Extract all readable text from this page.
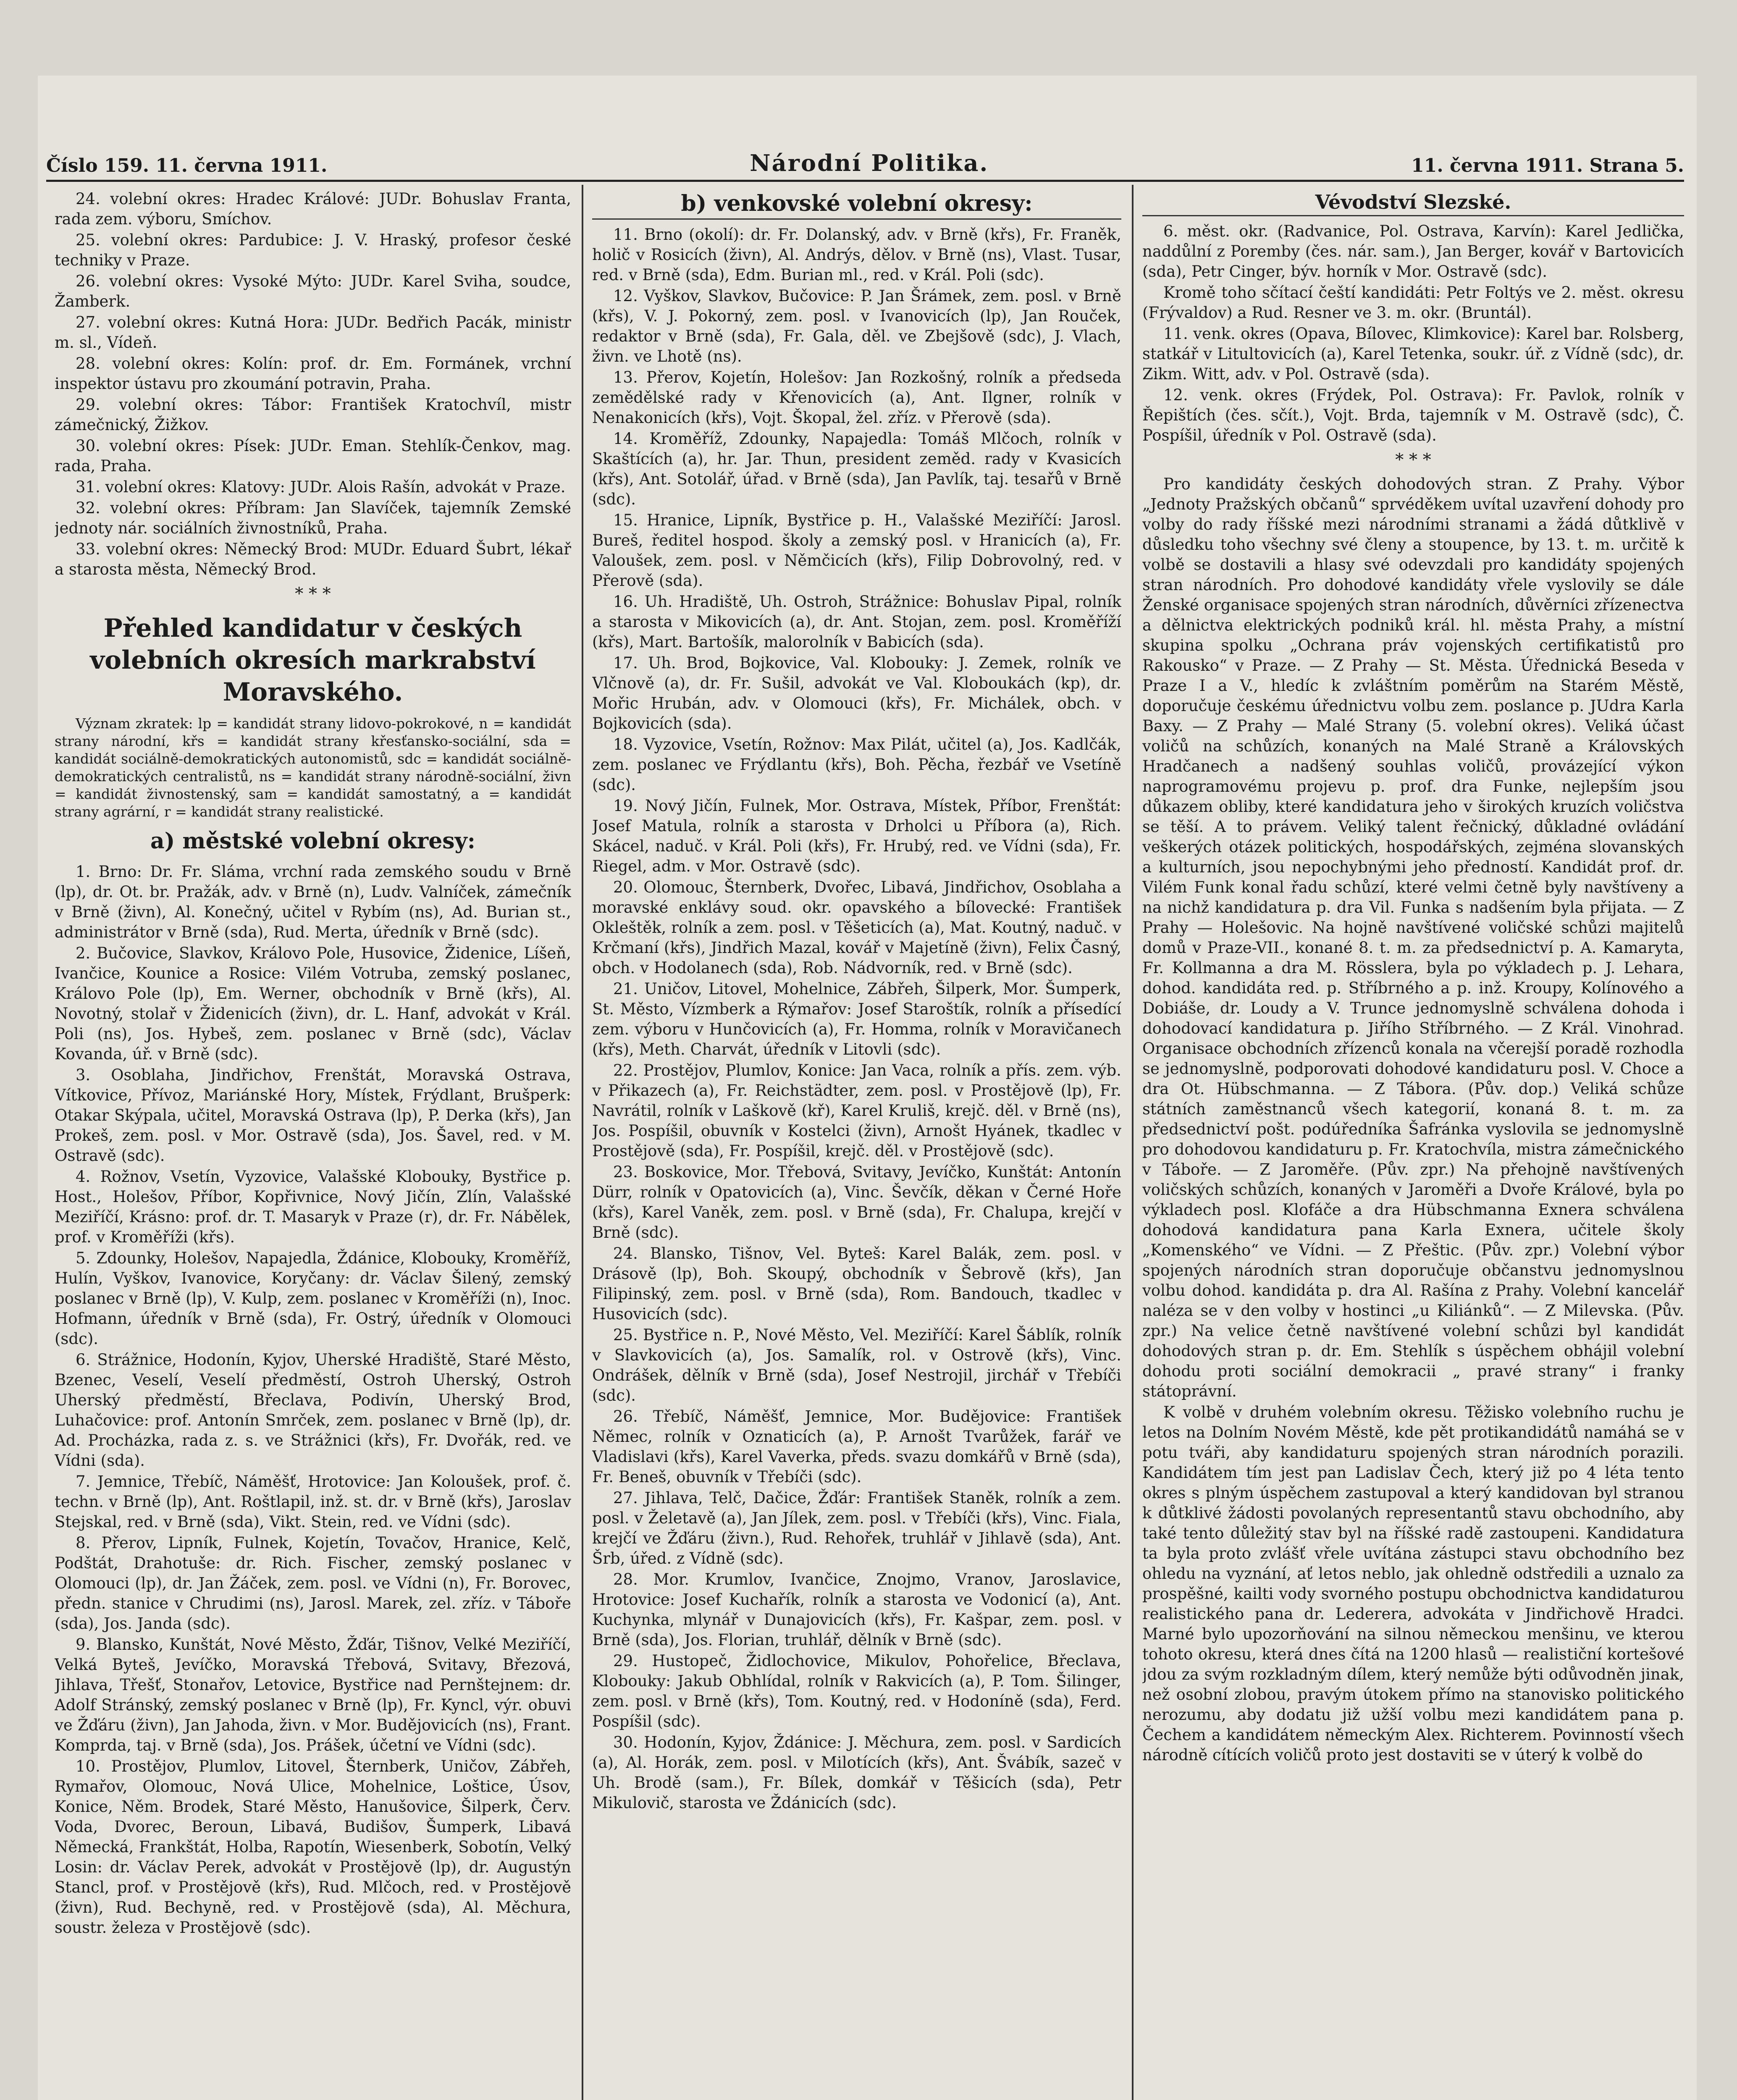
Číslo 159. 11. června 1911.	Národní Politika.	11. června 1911. Strana 5.

24. volební okres: Hradec Králové: JUDr. Bohuslav Franta, rada zem. výboru, Smíchov.

25. volební okres: Pardubice: J. V. Hraský, profesor české techniky v Praze.

26. volební okres: Vysoké Mýto: JUDr. Karel Sviha, soudce, Žamberk.

27. volební okres: Kutná Hora: JUDr. Bedřich Pacák, ministr m. sl., Vídeň.

28. volební okres: Kolín: prof. dr. Em. Formánek, vrchní inspektor ústavu pro zkoumání potravin, Praha.

29. volební okres: Tábor: František Kratochvíl, mistr zámečnický, Žižkov.

30. volební okres: Písek: JUDr. Eman. Stehlík-Čenkov, mag. rada, Praha.

31. volební okres: Klatovy: JUDr. Alois Rašín, advokát v Praze.

32. volební okres: Příbram: Jan Slavíček, tajemník Zemské jednoty nár. sociálních živnostníků, Praha.

33. volební okres: Německý Brod: MUDr. Eduard Šubrt, lékař a starosta města, Německý Brod.

* * *
Přehled kandidatur v českých volebních okresích markrabství Moravského.

Význam zkratek: lp = kandidát strany lidovo-pokrokové, n = kandidát strany národní, křs = kandidát strany křesťansko-sociální, sda = kandidát sociálně-demokratických autonomistů, sdc = kandidát sociálně-demokratických centralistů, ns = kandidát strany národně-sociální, živn = kandidát živnostenský, sam = kandidát samostatný, a = kandidát strany agrární, r = kandidát strany realistické.

a) městské volební okresy:

1. Brno: Dr. Fr. Sláma, vrchní rada zemského soudu v Brně (lp), dr. Ot. br. Pražák, adv. v Brně (n), Ludv. Valníček, zámečník v Brně (živn), Al. Konečný, učitel v Rybím (ns), Ad. Burian st., administrátor v Brně (sda), Rud. Merta, úředník v Brně (sdc).

2. Bučovice, Slavkov, Královo Pole, Husovice, Židenice, Líšeň, Ivančice, Kounice a Rosice: Vilém Votruba, zemský poslanec, Královo Pole (lp), Em. Werner, obchodník v Brně (křs), Al. Novotný, stolař v Židenicích (živn), dr. L. Hanf, advokát v Král. Poli (ns), Jos. Hybeš, zem. poslanec v Brně (sdc), Václav Kovanda, úř. v Brně (sdc).

3. Osoblaha, Jindřichov, Frenštát, Moravská Ostrava, Vítkovice, Přívoz, Mariánské Hory, Místek, Frýdlant, Brušperk: Otakar Skýpala, učitel, Moravská Ostrava (lp), P. Derka (křs), Jan Prokeš, zem. posl. v Mor. Ostravě (sda), Jos. Šavel, red. v M. Ostravě (sdc).

4. Rožnov, Vsetín, Vyzovice, Valašské Klobouky, Bystřice p. Host., Holešov, Příbor, Kopřivnice, Nový Jičín, Zlín, Valašské Meziříčí, Krásno: prof. dr. T. Masaryk v Praze (r), dr. Fr. Nábělek, prof. v Kroměříži (křs).

5. Zdounky, Holešov, Napajedla, Ždánice, Klobouky, Kroměříž, Hulín, Vyškov, Ivanovice, Koryčany: dr. Václav Šilený, zemský poslanec v Brně (lp), V. Kulp, zem. poslanec v Kroměříži (n), Inoc. Hofmann, úředník v Brně (sda), Fr. Ostrý, úředník v Olomouci (sdc).

6. Strážnice, Hodonín, Kyjov, Uherské Hradiště, Staré Město, Bzenec, Veselí, Veselí předměstí, Ostroh Uherský, Ostroh Uherský předměstí, Břeclava, Podivín, Uherský Brod, Luhačovice: prof. Antonín Smrček, zem. poslanec v Brně (lp), dr. Ad. Procházka, rada z. s. ve Strážnici (křs), Fr. Dvořák, red. ve Vídni (sda).

7. Jemnice, Třebíč, Náměšť, Hrotovice: Jan Koloušek, prof. č. techn. v Brně (lp), Ant. Roštlapil, inž. st. dr. v Brně (křs), Jaroslav Stejskal, red. v Brně (sda), Vikt. Stein, red. ve Vídni (sdc).

8. Přerov, Lipník, Fulnek, Kojetín, Tovačov, Hranice, Kelč, Podštát, Drahotuše: dr. Rich. Fischer, zemský poslanec v Olomouci (lp), dr. Jan Žáček, zem. posl. ve Vídni (n), Fr. Borovec, předn. stanice v Chrudimi (ns), Jarosl. Marek, zel. zříz. v Táboře (sda), Jos. Janda (sdc).

9. Blansko, Kunštát, Nové Město, Žďár, Tišnov, Velké Meziříčí, Velká Byteš, Jevíčko, Moravská Třebová, Svitavy, Březová, Jihlava, Třešť, Stonařov, Letovice, Bystřice nad Pernštejnem: dr. Adolf Stránský, zemský poslanec v Brně (lp), Fr. Kyncl, výr. obuvi ve Žďáru (živn), Jan Jahoda, živn. v Mor. Budějovicích (ns), Frant. Komprda, taj. v Brně (sda), Jos. Prášek, účetní ve Vídni (sdc).

10. Prostějov, Plumlov, Litovel, Šternberk, Uničov, Zábřeh, Rymařov, Olomouc, Nová Ulice, Mohelnice, Loštice, Úsov, Konice, Něm. Brodek, Staré Město, Hanušovice, Šilperk, Červ. Voda, Dvorec, Beroun, Libavá, Budišov, Šumperk, Libavá Německá, Frankštát, Holba, Rapotín, Wiesenberk, Sobotín, Velký Losin: dr. Václav Perek, advokát v Prostějově (lp), dr. Augustýn Stancl, prof. v Prostějově (křs), Rud. Mlčoch, red. v Prostějově (živn), Rud. Bechyně, red. v Prostějově (sda), Al. Měchura, soustr. železa v Prostějově (sdc).

b) venkovské volební okresy:

11. Brno (okolí): dr. Fr. Dolanský, adv. v Brně (křs), Fr. Franěk, holič v Rosicích (živn), Al. Andrýs, dělov. v Brně (ns), Vlast. Tusar, red. v Brně (sda), Edm. Burian ml., red. v Král. Poli (sdc).

12. Vyškov, Slavkov, Bučovice: P. Jan Šrámek, zem. posl. v Brně (křs), V. J. Pokorný, zem. posl. v Ivanovicích (lp), Jan Rouček, redaktor v Brně (sda), Fr. Gala, děl. ve Zbejšově (sdc), J. Vlach, živn. ve Lhotě (ns).

13. Přerov, Kojetín, Holešov: Jan Rozkošný, rolník a předseda zemědělské rady v Křenovicích (a), Ant. Ilgner, rolník v Nenakonicích (křs), Vojt. Škopal, žel. zříz. v Přerově (sda).

14. Kroměříž, Zdounky, Napajedla: Tomáš Mlčoch, rolník v Skaštících (a), hr. Jar. Thun, president zeměd. rady v Kvasicích (křs), Ant. Sotolář, úřad. v Brně (sda), Jan Pavlík, taj. tesařů v Brně (sdc).

15. Hranice, Lipník, Bystřice p. H., Valašské Meziříčí: Jarosl. Bureš, ředitel hospod. školy a zemský posl. v Hranicích (a), Fr. Valoušek, zem. posl. v Němčicích (křs), Filip Dobrovolný, red. v Přerově (sda).

16. Uh. Hradiště, Uh. Ostroh, Strážnice: Bohuslav Pipal, rolník a starosta v Mikovicích (a), dr. Ant. Stojan, zem. posl. Kroměříží (křs), Mart. Bartošík, malorolník v Babicích (sda).

17. Uh. Brod, Bojkovice, Val. Klobouky: J. Zemek, rolník ve Vlčnově (a), dr. Fr. Sušil, advokát ve Val. Kloboukách (kp), dr. Mořic Hrubán, adv. v Olomouci (křs), Fr. Michálek, obch. v Bojkovicích (sda).

18. Vyzovice, Vsetín, Rožnov: Max Pilát, učitel (a), Jos. Kadlčák, zem. poslanec ve Frýdlantu (křs), Boh. Pěcha, řezbář ve Vsetíně (sdc).

19. Nový Jičín, Fulnek, Mor. Ostrava, Místek, Příbor, Frenštát: Josef Matula, rolník a starosta v Drholci u Příbora (a), Rich. Skácel, naduč. v Král. Poli (křs), Fr. Hrubý, red. ve Vídni (sda), Fr. Riegel, adm. v Mor. Ostravě (sdc).

20. Olomouc, Šternberk, Dvořec, Libavá, Jindřichov, Osoblaha a moravské enklávy soud. okr. opavského a bílovecké: František Okleštěk, rolník a zem. posl. v Těšeticích (a), Mat. Koutný, naduč. v Krčmaní (křs), Jindřich Mazal, kovář v Majetíně (živn), Felix Časný, obch. v Hodolanech (sda), Rob. Nádvorník, red. v Brně (sdc).

21. Uničov, Litovel, Mohelnice, Zábřeh, Šilperk, Mor. Šumperk, St. Město, Vízmberk a Rýmařov: Josef Staroštík, rolník a přísedící zem. výboru v Hunčovicích (a), Fr. Homma, rolník v Moravičanech (křs), Meth. Charvát, úředník v Litovli (sdc).

22. Prostějov, Plumlov, Konice: Jan Vaca, rolník a přís. zem. výb. v Přikazech (a), Fr. Reichstädter, zem. posl. v Prostějově (lp), Fr. Navrátil, rolník v Laškově (kř), Karel Kruliš, krejč. děl. v Brně (ns), Jos. Pospíšil, obuvník v Kostelci (živn), Arnošt Hyánek, tkadlec v Prostějově (sda), Fr. Pospíšil, krejč. děl. v Prostějově (sdc).

23. Boskovice, Mor. Třebová, Svitavy, Jevíčko, Kunštát: Antonín Dürr, rolník v Opatovicích (a), Vinc. Ševčík, děkan v Černé Hoře (křs), Karel Vaněk, zem. posl. v Brně (sda), Fr. Chalupa, krejčí v Brně (sdc).

24. Blansko, Tišnov, Vel. Byteš: Karel Balák, zem. posl. v Drásově (lp), Boh. Skoupý, obchodník v Šebrově (křs), Jan Filipinský, zem. posl. v Brně (sda), Rom. Bandouch, tkadlec v Husovicích (sdc).

25. Bystřice n. P., Nové Město, Vel. Meziříčí: Karel Šáblík, rolník v Slavkovicích (a), Jos. Samalík, rol. v Ostrově (křs), Vinc. Ondrášek, dělník v Brně (sda), Josef Nestrojil, jirchář v Třebíči (sdc).

26. Třebíč, Náměšť, Jemnice, Mor. Budějovice: František Němec, rolník v Oznaticích (a), P. Arnošt Tvarůžek, farář ve Vladislavi (křs), Karel Vaverka, předs. svazu domkářů v Brně (sda), Fr. Beneš, obuvník v Třebíči (sdc).

27. Jihlava, Telč, Dačice, Žďár: František Staněk, rolník a zem. posl. v Želetavě (a), Jan Jílek, zem. posl. v Třebíči (křs), Vinc. Fiala, krejčí ve Žďáru (živn.), Rud. Rehořek, truhlář v Jihlavě (sda), Ant. Šrb, úřed. z Vídně (sdc).

28. Mor. Krumlov, Ivančice, Znojmo, Vranov, Jaroslavice, Hrotovice: Josef Kuchařík, rolník a starosta ve Vodonicí (a), Ant. Kuchynka, mlynář v Dunajovicích (křs), Fr. Kašpar, zem. posl. v Brně (sda), Jos. Florian, truhlář, dělník v Brně (sdc).

29. Hustopeč, Židlochovice, Mikulov, Pohořelice, Břeclava, Klobouky: Jakub Obhlídal, rolník v Rakvicích (a), P. Tom. Šilinger, zem. posl. v Brně (křs), Tom. Koutný, red. v Hodoníně (sda), Ferd. Pospíšil (sdc).

30. Hodonín, Kyjov, Ždánice: J. Měchura, zem. posl. v Sardicích (a), Al. Horák, zem. posl. v Milotících (křs), Ant. Švábík, sazeč v Uh. Brodě (sam.), Fr. Bílek, domkář v Těšicích (sda), Petr Mikulovič, starosta ve Ždánicích (sdc).

Vévodství Slezské.

6. měst. okr. (Radvanice, Pol. Ostrava, Karvín): Karel Jedlička, naddůlní z Poremby (čes. nár. sam.), Jan Berger, kovář v Bartovicích (sda), Petr Cinger, býv. horník v Mor. Ostravě (sdc).

Kromě toho sčítací čeští kandidáti: Petr Foltýs ve 2. měst. okresu (Frývaldov) a Rud. Resner ve 3. m. okr. (Bruntál).

11. venk. okres (Opava, Bílovec, Klimkovice): Karel bar. Rolsberg, statkář v Litultovicích (a), Karel Tetenka, soukr. úř. z Vídně (sdc), dr. Zikm. Witt, adv. v Pol. Ostravě (sda).

12. venk. okres (Frýdek, Pol. Ostrava): Fr. Pavlok, rolník v Řepištích (čes. sčít.), Vojt. Brda, tajemník v M. Ostravě (sdc), Č. Pospíšil, úředník v Pol. Ostravě (sda).

* * *

Pro kandidáty českých dohodových stran. Z Prahy. Výbor „Jednoty Pražských občanů“ sprvéděkem uvítal uzavření dohody pro volby do rady říšské mezi národními stranami a žádá důtklivě v důsledku toho všechny své členy a stoupence, by 13. t. m. určitě k volbě se dostavili a hlasy své odevzdali pro kandidáty spojených stran národních. Pro dohodové kandidáty vřele vyslovily se dále Ženské organisace spojených stran národních, důvěrníci zřízenectva a dělnictva elektrických podniků král. hl. města Prahy, a místní skupina spolku „Ochrana práv vojenských certifikatistů pro Rakousko“ v Praze. — Z Prahy — St. Města. Úřednická Beseda v Praze I a V., hledíc k zvláštním poměrům na Starém Městě, doporučuje českému úřednictvu volbu zem. poslance p. JUdra Karla Baxy. — Z Prahy — Malé Strany (5. volební okres). Veliká účast voličů na schůzích, konaných na Malé Straně a Královských Hradčanech a nadšený souhlas voličů, provázející výkon naprogramovému projevu p. prof. dra Funke, nejlepším jsou důkazem obliby, které kandidatura jeho v širokých kruzích voličstva se těší. A to právem. Veliký talent řečnický, důkladné ovládání veškerých otázek politických, hospodářských, zejména slovanských a kulturních, jsou nepochybnými jeho předností. Kandidát prof. dr. Vilém Funk konal řadu schůzí, které velmi četně byly navštíveny a na nichž kandidatura p. dra Vil. Funka s nadšením byla přijata. — Z Prahy — Holešovic. Na hojně navštívené voličské schůzi majitelů domů v Praze-VII., konané 8. t. m. za předsednictví p. A. Kamaryta, Fr. Kollmanna a dra M. Rösslera, byla po výkladech p. J. Lehara, dohod. kandidáta red. p. Stříbrného a p. inž. Kroupy, Kolínového a Dobiáše, dr. Loudy a V. Trunce jednomyslně schválena dohoda i dohodovací kandidatura p. Jiřího Stříbrného. — Z Král. Vinohrad. Organisace obchodních zřízenců konala na včerejší poradě rozhodla se jednomyslně, podporovati dohodové kandidaturu posl. V. Choce a dra Ot. Hübschmanna. — Z Tábora. (Pův. dop.) Veliká schůze státních zaměstnanců všech kategorií, konaná 8. t. m. za předsednictví pošt. podúředníka Šafránka vyslovila se jednomyslně pro dohodovou kandidaturu p. Fr. Kratochvíla, mistra zámečnického v Táboře. — Z Jaroměře. (Pův. zpr.) Na přehojně navštívených voličských schůzích, konaných v Jaroměři a Dvoře Králové, byla po výkladech posl. Klofáče a dra Hübschmanna Exnera schválena dohodová kandidatura pana Karla Exnera, učitele školy „Komenského“ ve Vídni. — Z Přeštic. (Pův. zpr.) Volební výbor spojených národních stran doporučuje občanstvu jednomyslnou volbu dohod. kandidáta p. dra Al. Rašína z Prahy. Volební kancelář naléza se v den volby v hostinci „u Kiliánků“. — Z Milevska. (Pův. zpr.) Na velice četně navštívené volební schůzi byl kandidát dohodových stran p. dr. Em. Stehlík s úspěchem obhájil volební dohodu proti sociální demokracii „ pravé strany“ i franky státoprávní.

K volbě v druhém volebním okresu. Těžisko volebního ruchu je letos na Dolním Novém Městě, kde pět protikandidátů namáhá se v potu tváři, aby kandidaturu spojených stran národních porazili. Kandidátem tím jest pan Ladislav Čech, který již po 4 léta tento okres s plným úspěchem zastupoval a který kandidovan byl stranou k důtklivé žádosti povolaných representantů stavu obchodního, aby také tento důležitý stav byl na říšské radě zastoupeni. Kandidatura ta byla proto zvlášť vřele uvítána zástupci stavu obchodního bez ohledu na vyznání, ať letos neblo, jak ohledně odstředili a uznalo za prospěšné, kailti vody svorného postupu obchodnictva kandidaturou realistického pana dr. Lederera, advokáta v Jindřichově Hradci. Marné bylo upozorňování na silnou německou menšinu, ve kterou tohoto okresu, která dnes čítá na 1200 hlasů — realističní kortešové jdou za svým rozkladným dílem, který nemůže býti odůvodněn jinak, než osobní zlobou, pravým útokem přímo na stanovisko politického nerozumu, aby dodatu již užší volbu mezi kandidátem pana p. Čechem a kandidátem německým Alex. Richterem. Povinností všech národně cítících voličů proto jest dostaviti se v úterý k volbě do
